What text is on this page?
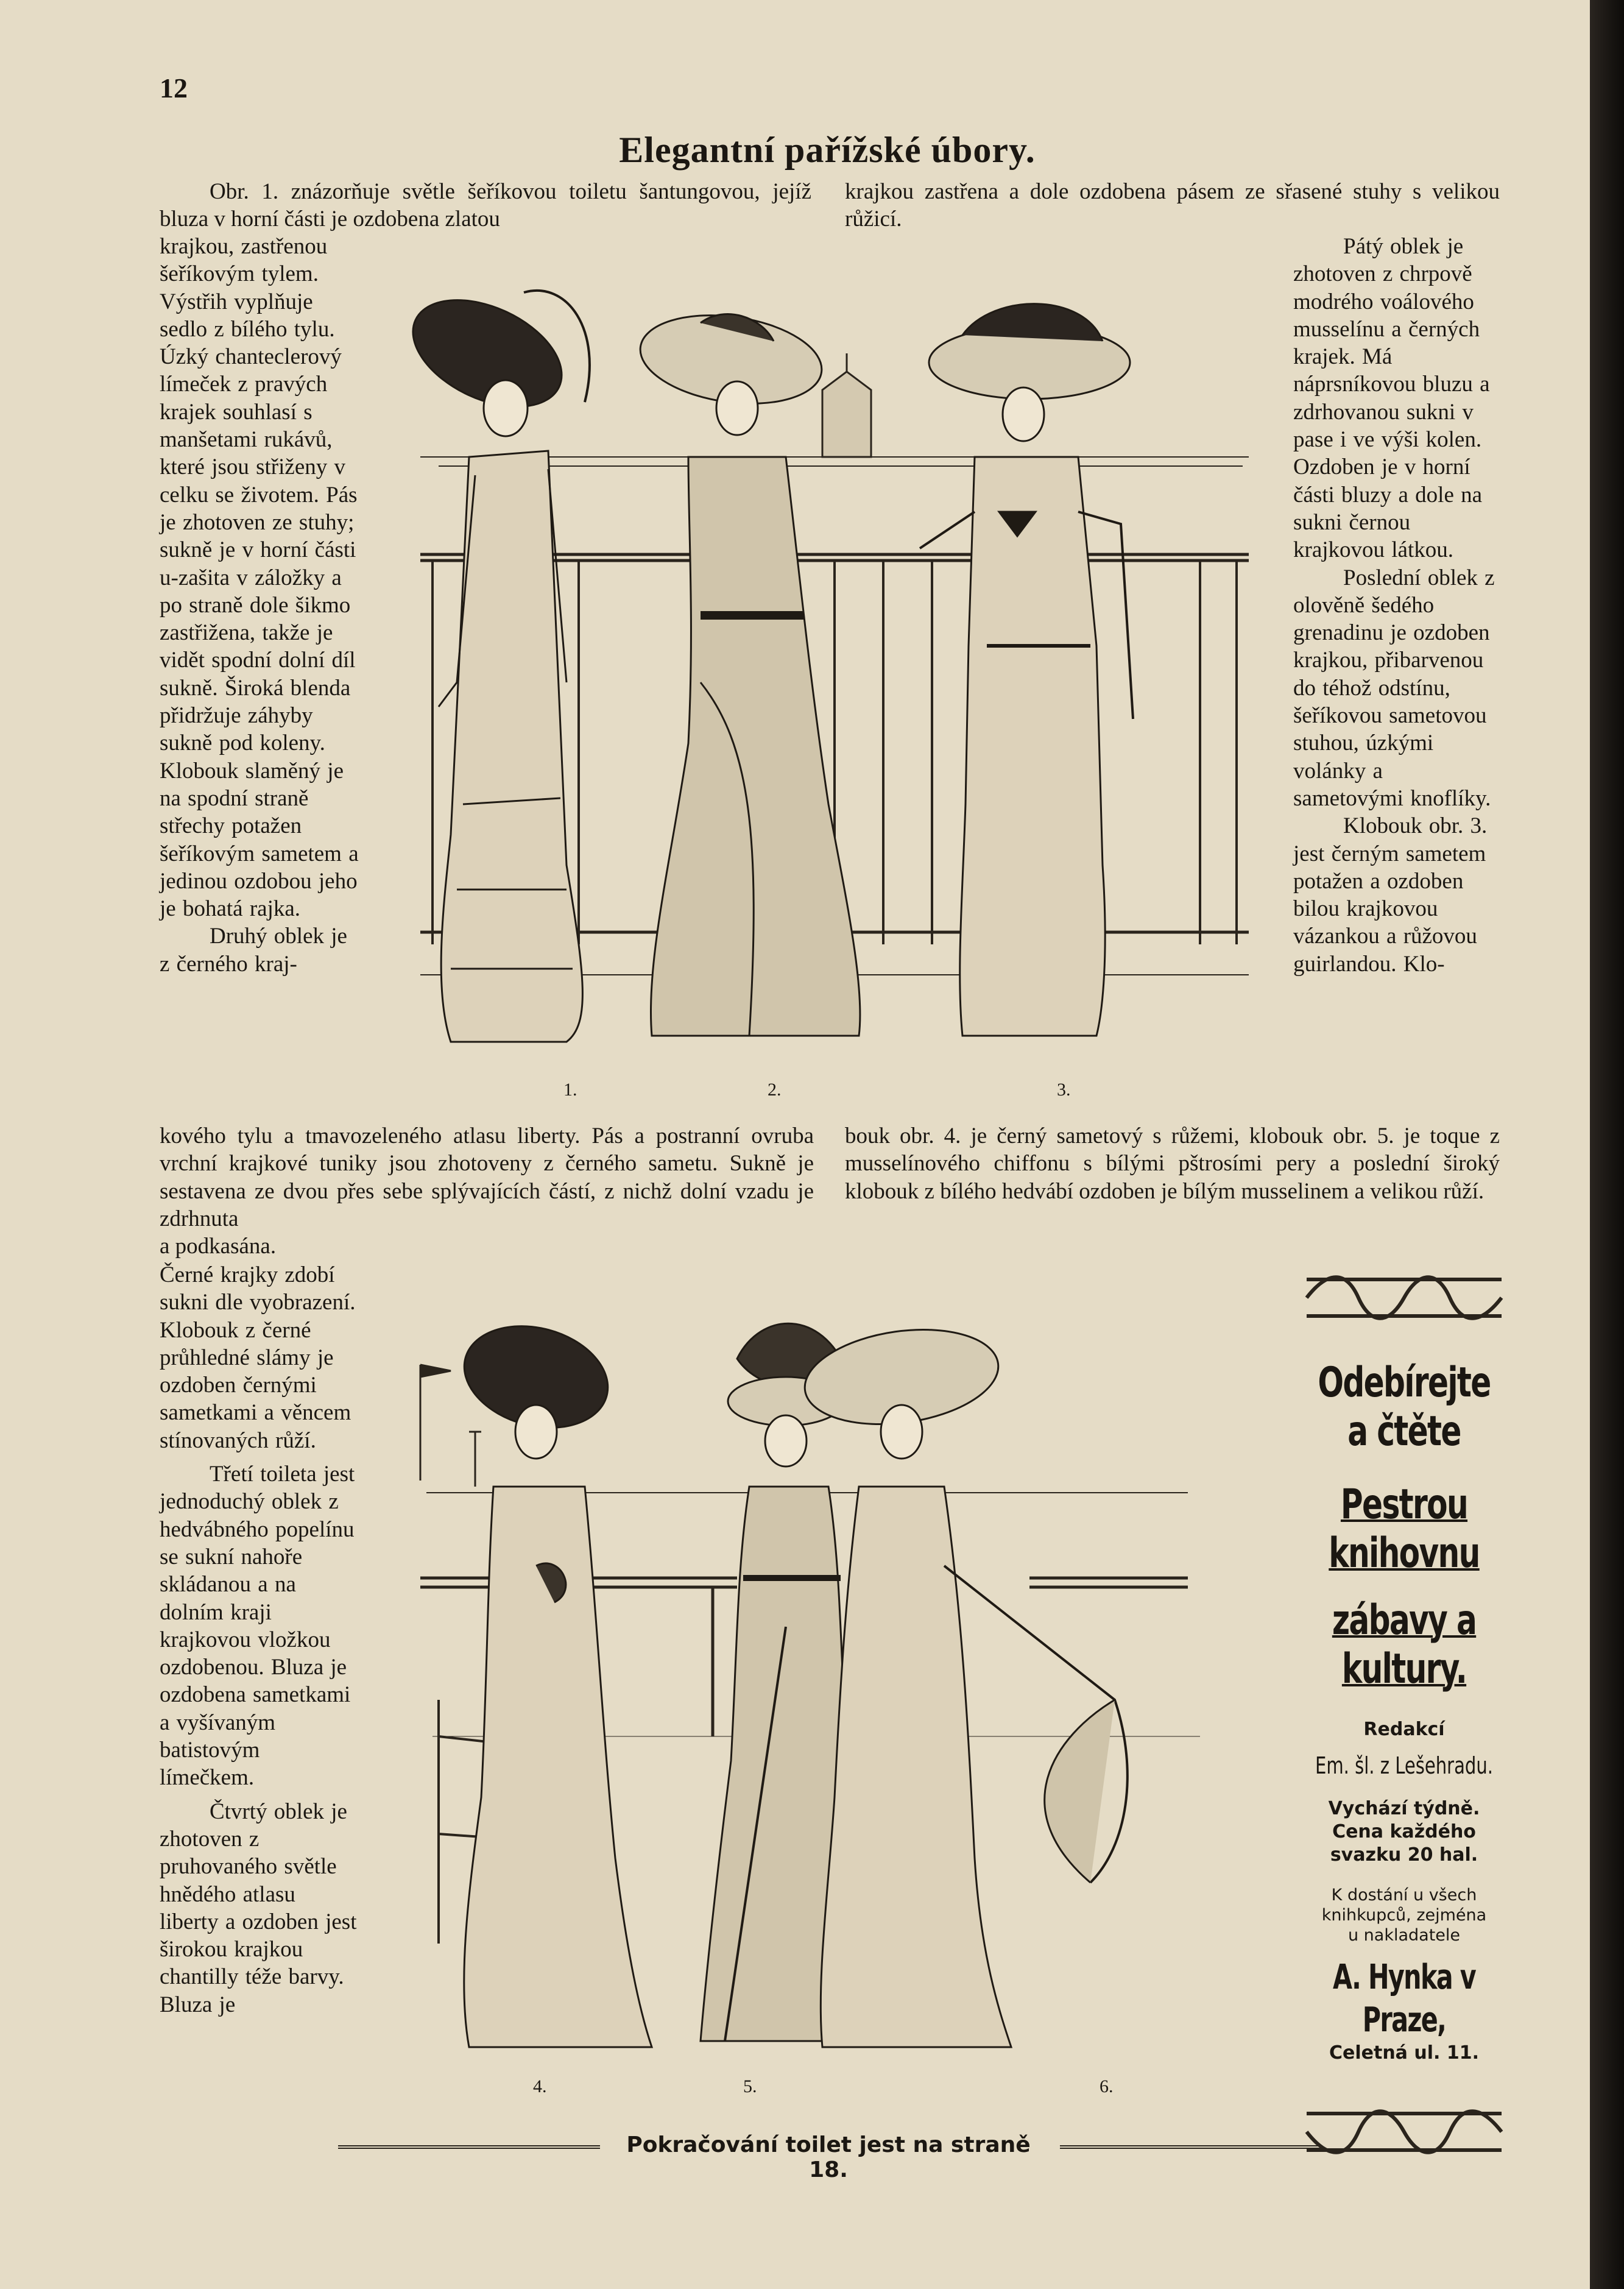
12
Elegantní pařížské úbory.

Obr. 1. znázorňuje světle šeříkovou toiletu šantungovou, jejíž bluza v horní části je ozdobena zlatou

krajkou, zastřenou šeříkovým tylem. Výstřih vyplňuje sedlo z bílého tylu. Úzký chanteclerový límeček z pravých krajek souhlasí s manšetami rukávů, které jsou střiženy v celku se životem. Pás je zhotoven ze stuhy; sukně je v horní části u-zašita v záložky a po straně dole šikmo zastřižena, takže je vidět spodní dolní díl sukně. Široká blenda přidržuje záhyby sukně pod koleny. Klobouk slaměný je na spodní straně střechy potažen šeříkovým sametem a jedinou ozdobou jeho je bohatá rajka.

Druhý oblek je z černého kraj-

krajkou zastřena a dole ozdobena pásem ze sřasené stuhy s velikou růžicí.

Pátý oblek je zhotoven z chrpově modrého voálového musselínu a černých krajek. Má náprsníkovou bluzu a zdrhovanou sukni v pase i ve výši kolen. Ozdoben je v horní části bluzy a dole na sukni černou krajkovou látkou.

Poslední oblek z olověně šedého grenadinu je ozdoben krajkou, přibarvenou do téhož odstínu, šeříkovou sametovou stuhou, úzkými volánky a sametovými knoflíky.

Klobouk obr. 3. jest černým sametem potažen a ozdoben bilou krajkovou vázankou a růžovou guirlandou. Klo-

kového tylu a tmavozeleného atlasu liberty. Pás a postranní ovruba vrchní krajkové tuniky jsou zhotoveny z černého sametu. Sukně je sestavena ze dvou přes sebe splývajících částí, z nichž dolní vzadu je zdrhnuta

a podkasána.

bouk obr. 4. je černý sametový s růžemi, klobouk obr. 5. je toque z musselínového chiffonu s bílými pštrosími pery a poslední široký klobouk z bílého hedvábí ozdoben je bílým musselinem a velikou růží.

Černé krajky zdobí sukni dle vyobrazení. Klobouk z černé průhledné slámy je ozdoben černými sametkami a věncem stínovaných růží.

Třetí toileta jest jednoduchý oblek z hedvábného popelínu se sukní nahoře skládanou a na dolním kraji krajkovou vložkou ozdobenou. Bluza je ozdobena sametkami a vyšívaným batistovým límečkem.

Čtvrtý oblek je zhotoven z pruhovaného světle hnědého atlasu liberty a ozdoben jest širokou krajkou chantilly téže barvy. Bluza je

1.	2.	3.
4.	5.	6.
Odebírejte
a čtěte
Pestrou knihovnu
zábavy a kultury.
Redakcí
Em. šl. z Lešehradu.
Vychází týdně.
Cena každého
svazku 20 hal.
K dostání u všech
knihkupců, zejména
u nakladatele
A. Hynka v Praze,
Celetná ul. 11.
Pokračování toilet jest na straně 18.
